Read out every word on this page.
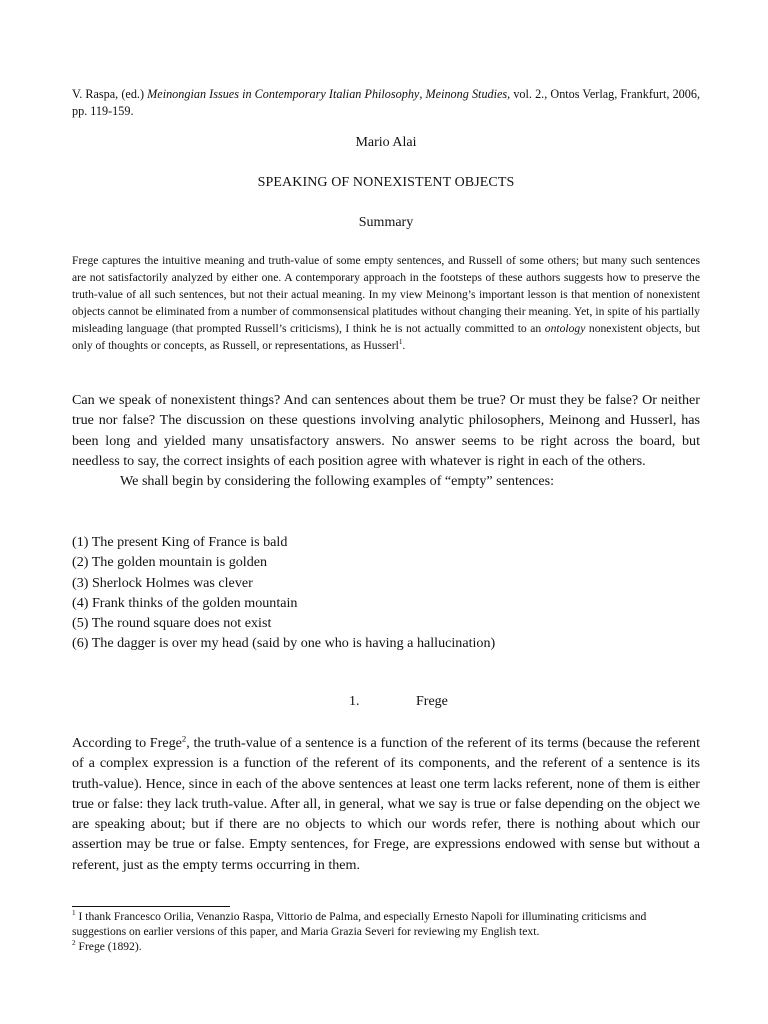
V. Raspa, (ed.) Meinongian Issues in Contemporary Italian Philosophy, Meinong Studies, vol. 2., Ontos Verlag, Frankfurt, 2006, pp. 119-159.
Mario Alai
SPEAKING OF NONEXISTENT OBJECTS
Summary
Frege captures the intuitive meaning and truth-value of some empty sentences, and Russell of some others; but many such sentences are not satisfactorily analyzed by either one. A contemporary approach in the footsteps of these authors suggests how to preserve the truth-value of all such sentences, but not their actual meaning. In my view Meinong’s important lesson is that mention of nonexistent objects cannot be eliminated from a number of commonsensical platitudes without changing their meaning. Yet, in spite of his partially misleading language (that prompted Russell’s criticisms), I think he is not actually committed to an ontology nonexistent objects, but only of thoughts or concepts, as Russell, or representations, as Husserl$^1$.
Can we speak of nonexistent things? And can sentences about them be true? Or must they be false? Or neither true nor false? The discussion on these questions involving analytic philosophers, Meinong and Husserl, has been long and yielded many unsatisfactory answers. No answer seems to be right across the board, but needless to say, the correct insights of each position agree with whatever is right in each of the others.
We shall begin by considering the following examples of “empty” sentences:
(1) The present King of France is bald
(2) The golden mountain is golden
(3) Sherlock Holmes was clever
(4) Frank thinks of the golden mountain
(5) The round square does not exist
(6) The dagger is over my head (said by one who is having a hallucination)
1.	Frege
According to Frege$^2$, the truth-value of a sentence is a function of the referent of its terms (because the referent of a complex expression is a function of the referent of its components, and the referent of a sentence is its truth-value). Hence, since in each of the above sentences at least one term lacks referent, none of them is either true or false: they lack truth-value. After all, in general, what we say is true or false depending on the object we are speaking about; but if there are no objects to which our words refer, there is nothing about which our assertion may be true or false. Empty sentences, for Frege, are expressions endowed with sense but without a referent, just as the empty terms occurring in them.
$^1$ I thank Francesco Orilia, Venanzio Raspa, Vittorio de Palma, and especially Ernesto Napoli for illuminating criticisms and suggestions on earlier versions of this paper, and Maria Grazia Severi for reviewing my English text.
$^2$ Frege (1892).
